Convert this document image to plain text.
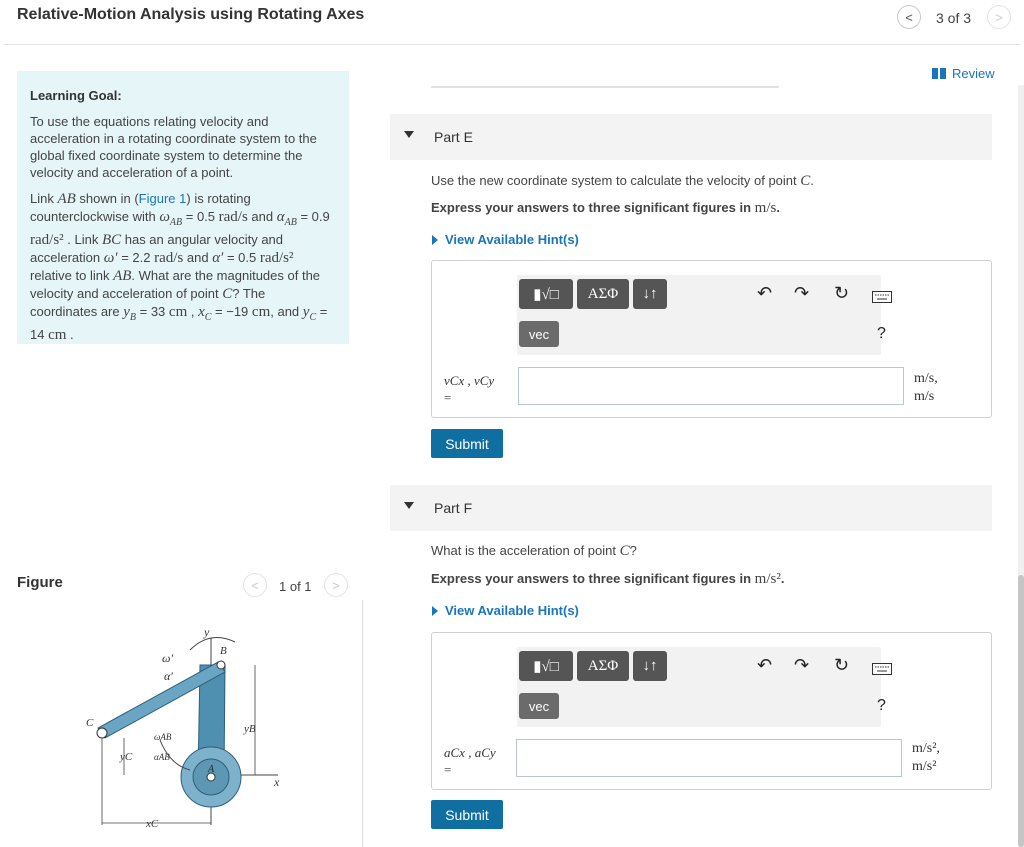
Relative-Motion Analysis using Rotating Axes	< 3 of 3 >
Learning Goal:

To use the equations relating velocity and acceleration in a rotating coordinate system to the global fixed coordinate system to determine the velocity and acceleration of a point.

Link AB shown in (Figure 1) is rotating counterclockwise with $\omega_{AB} = 0.5$ rad/s and $\alpha_{AB} = 0.9$ rad/s² . Link BC has an angular velocity and acceleration ω′ = 2.2 rad/s and α′ = 0.5 rad/s² relative to link AB. What are the magnitudes of the velocity and acceleration of point C? The coordinates are $y_B = 33$ cm , $x_C = -19$ cm, and $y_C = 14$ cm .

Figure	< 1 of 1 >
y
B
C
A
x
ω′
α′
ωAB
αAB
yB
yC
xC
Review
Part E
Use the new coordinate system to calculate the velocity of point C.
Express your answers to three significant figures in m/s.
View Available Hint(s)
▮√□ ΑΣΦ ↓↑
vec
↶ ↷ ↻
?
vCx , vCy
=
m/s,
m/s
Submit
Part F
What is the acceleration of point C?
Express your answers to three significant figures in m/s².
View Available Hint(s)
▮√□ ΑΣΦ ↓↑
vec
↶ ↷ ↻
?
aCx , aCy
=
m/s²,
m/s²
Submit
